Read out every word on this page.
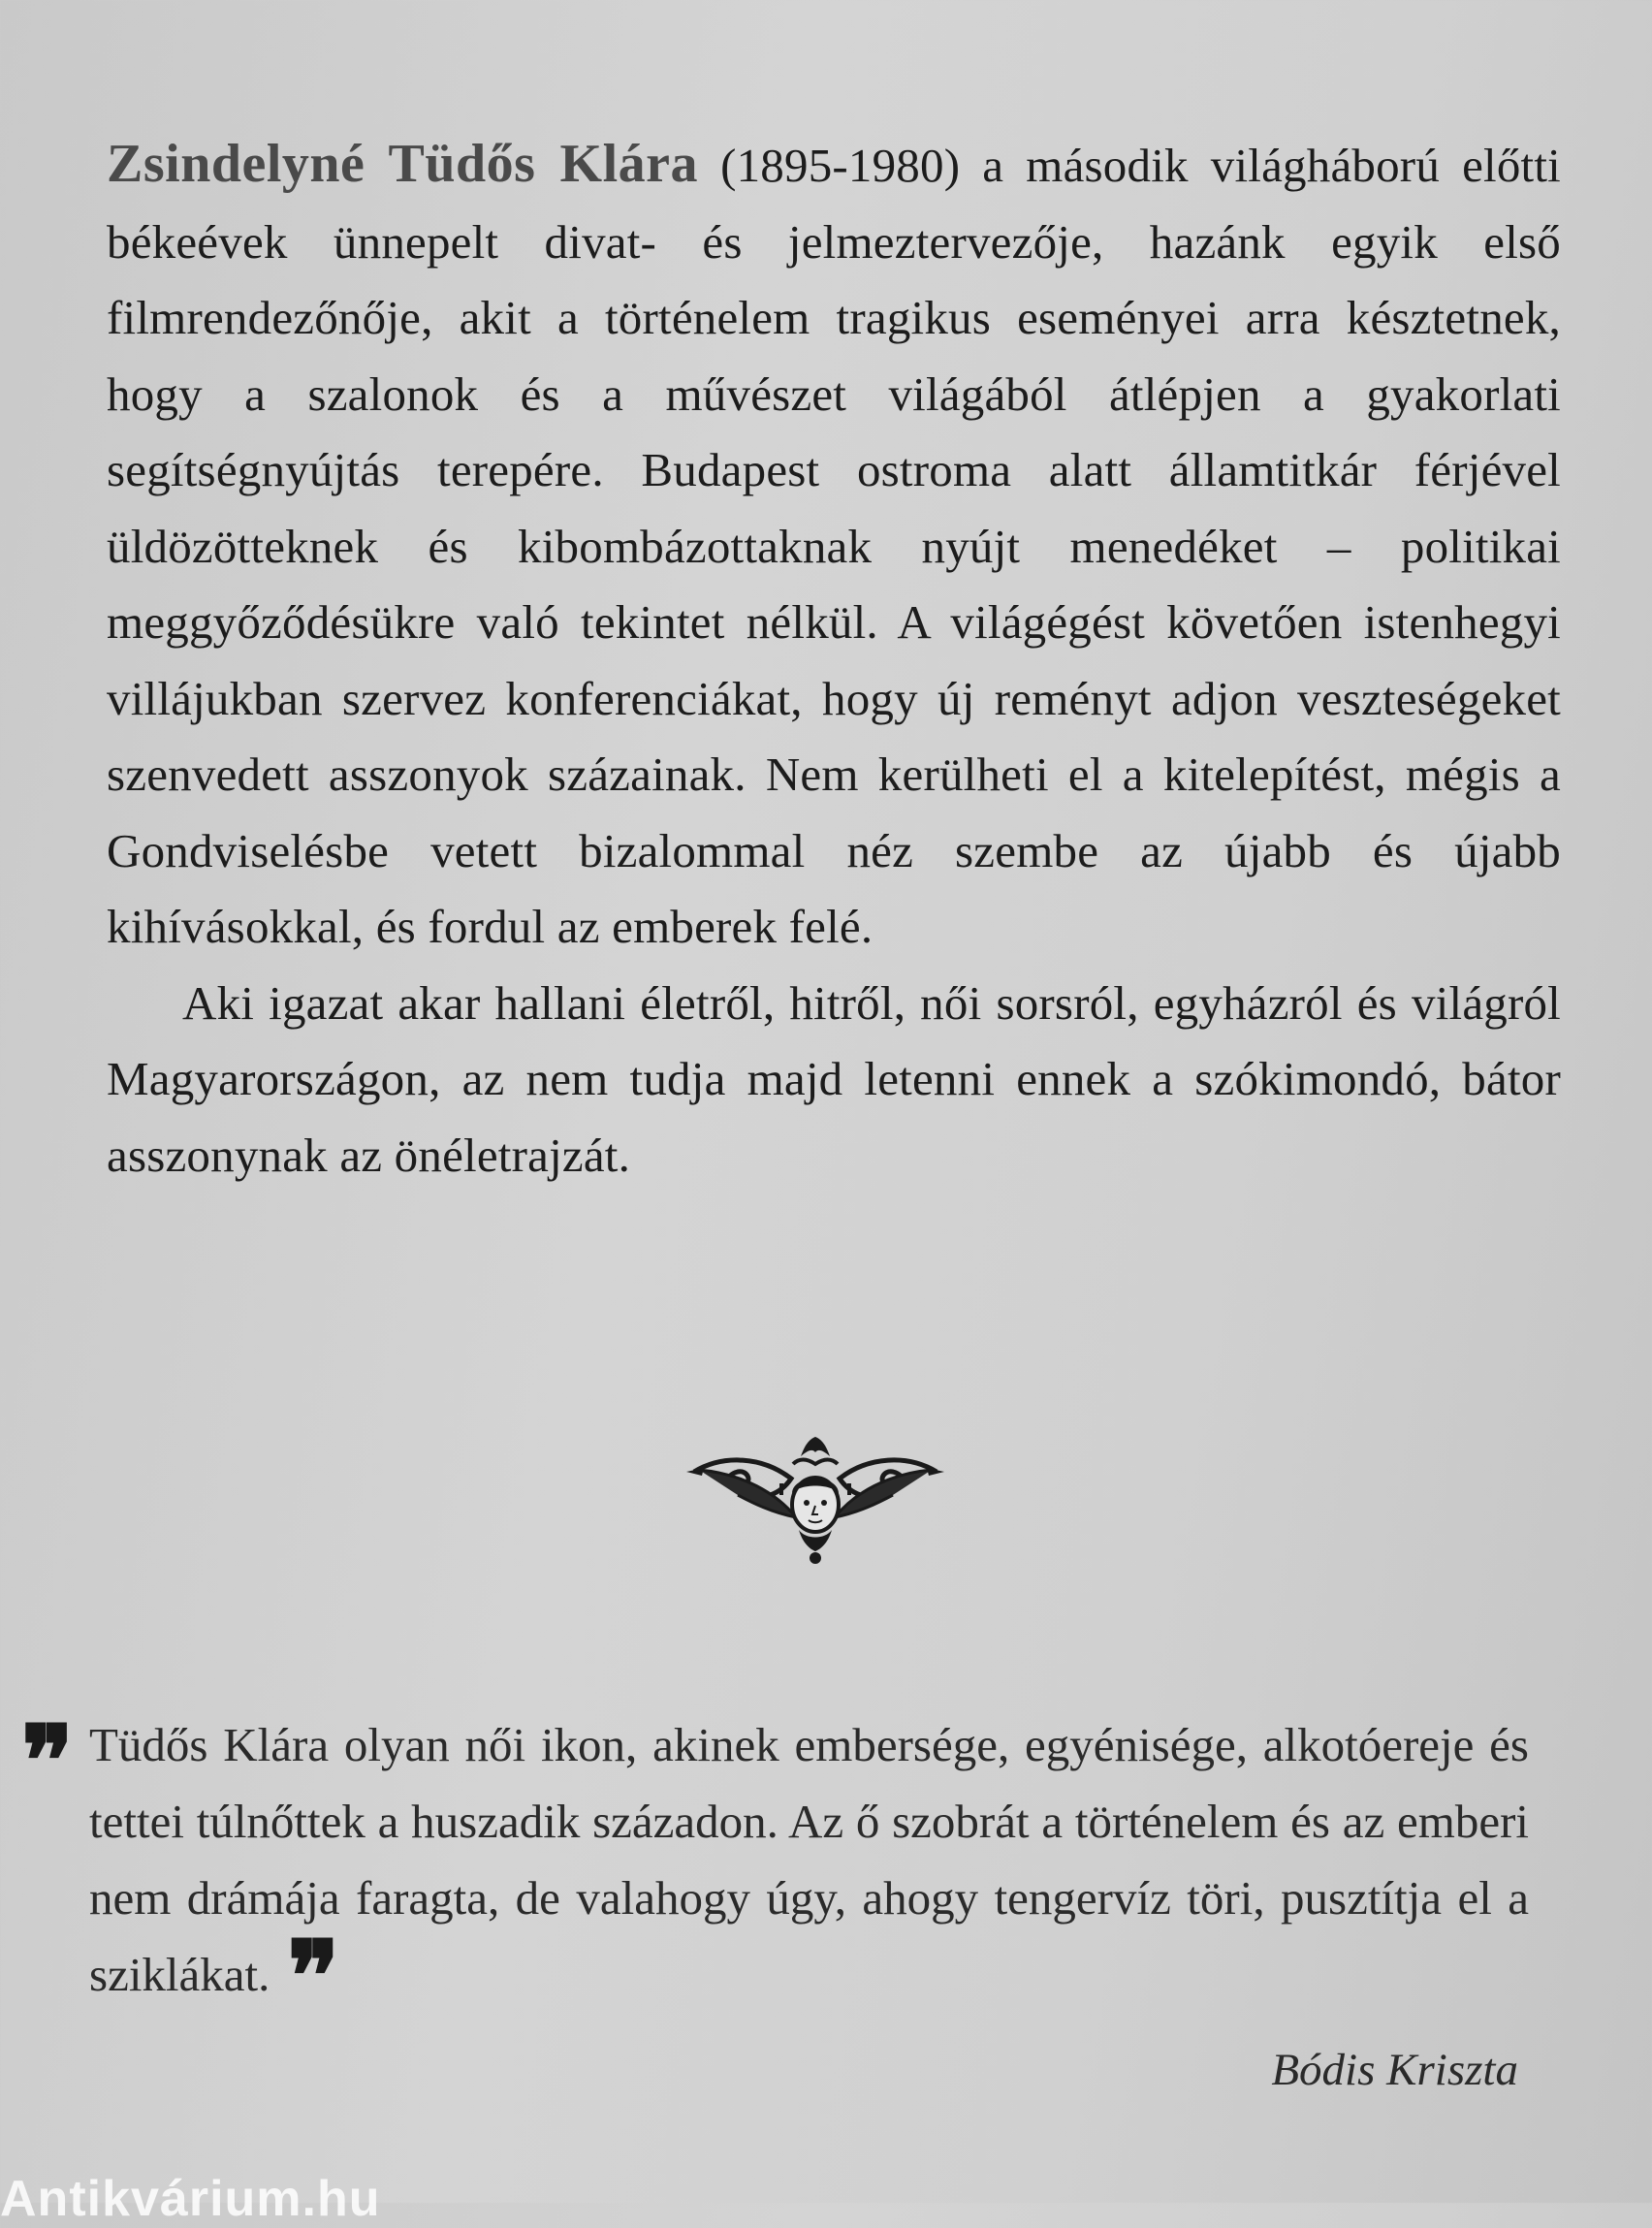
Zsindelyné Tüdős Klára (1895-1980) a második világháború előtti békeévek ünnepelt divat- és jelmeztervezője, hazánk egyik első filmrendezőnője, akit a történelem tragikus eseményei arra késztetnek, hogy a szalonok és a művészet világából átlépjen a gyakorlati segítségnyújtás terepére. Budapest ostroma alatt államtitkár férjével üldözötteknek és kibombázottaknak nyújt menedéket – politikai meggyőződésükre való tekintet nélkül. A világégést követően istenhegyi villájukban szervez konferenciákat, hogy új reményt adjon veszteségeket szenvedett asszonyok százainak. Nem kerülheti el a kitelepítést, mégis a Gondviselésbe vetett bizalommal néz szembe az újabb és újabb kihívásokkal, és fordul az emberek felé.

Aki igazat akar hallani életről, hitről, női sorsról, egyházról és világról Magyarországon, az nem tudja majd letenni ennek a szókimondó, bátor asszonynak az önéletrajzát.

❞ Tüdős Klára olyan női ikon, akinek embersége, egyénisége, alkotóereje és tettei túlnőttek a huszadik századon. Az ő szobrát a történelem és az emberi nem drámája faragta, de valahogy úgy, ahogy tengervíz töri, pusztítja el a sziklákat. ❞
Bódis Kriszta
Antikvárium.hu
